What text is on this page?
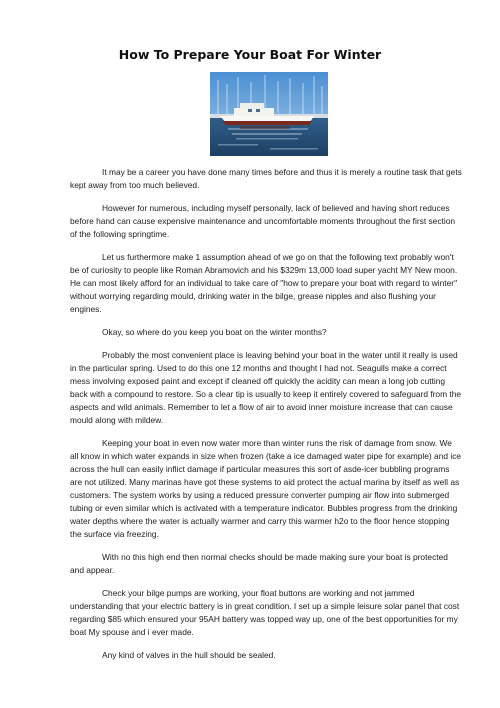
How To Prepare Your Boat For Winter

It may be a career you have done many times before and thus it is merely a routine task that gets kept away from too much believed.

However for numerous, including myself personally, lack of believed and having short reduces before hand can cause expensive maintenance and uncomfortable moments throughout the first section of the following springtime.

Let us furthermore make 1 assumption ahead of we go on that the following text probably won't be of curiosity to people like Roman Abramovich and his $329m 13,000 load super yacht MY New moon. He can most likely afford for an individual to take care of "how to prepare your boat with regard to winter" without worrying regarding mould, drinking water in the bilge, grease nipples and also flushing your engines.

Okay, so where do you keep you boat on the winter months?

Probably the most convenient place is leaving behind your boat in the water until it really is used in the particular spring. Used to do this one 12 months and thought I had not. Seagulls make a correct mess involving exposed paint and except if cleaned off quickly the acidity can mean a long job cutting back with a compound to restore. So a clear tip is usually to keep it entirely covered to safeguard from the aspects and wild animals. Remember to let a flow of air to avoid inner moisture increase that can cause mould along with mildew.

Keeping your boat in even now water more than winter runs the risk of damage from snow. We all know in which water expands in size when frozen (take a ice damaged water pipe for example) and ice across the hull can easily inflict damage if particular measures this sort of asde-icer bubbling programs are not utilized. Many marinas have got these systems to aid protect the actual marina by itself as well as customers. The system works by using a reduced pressure converter pumping air flow into submerged tubing or even similar which is activated with a temperature indicator. Bubbles progress from the drinking water depths where the water is actually warmer and carry this warmer h2o to the floor hence stopping the surface via freezing.

With no this high end then normal checks should be made making sure your boat is protected and appear.

Check your bilge pumps are working, your float buttons are working and not jammed understanding that your electric battery is in great condition. I set up a simple leisure solar panel that cost regarding $85 which ensured your 95AH battery was topped way up, one of the best opportunities for my boat My spouse and i ever made.

Any kind of valves in the hull should be sealed.
